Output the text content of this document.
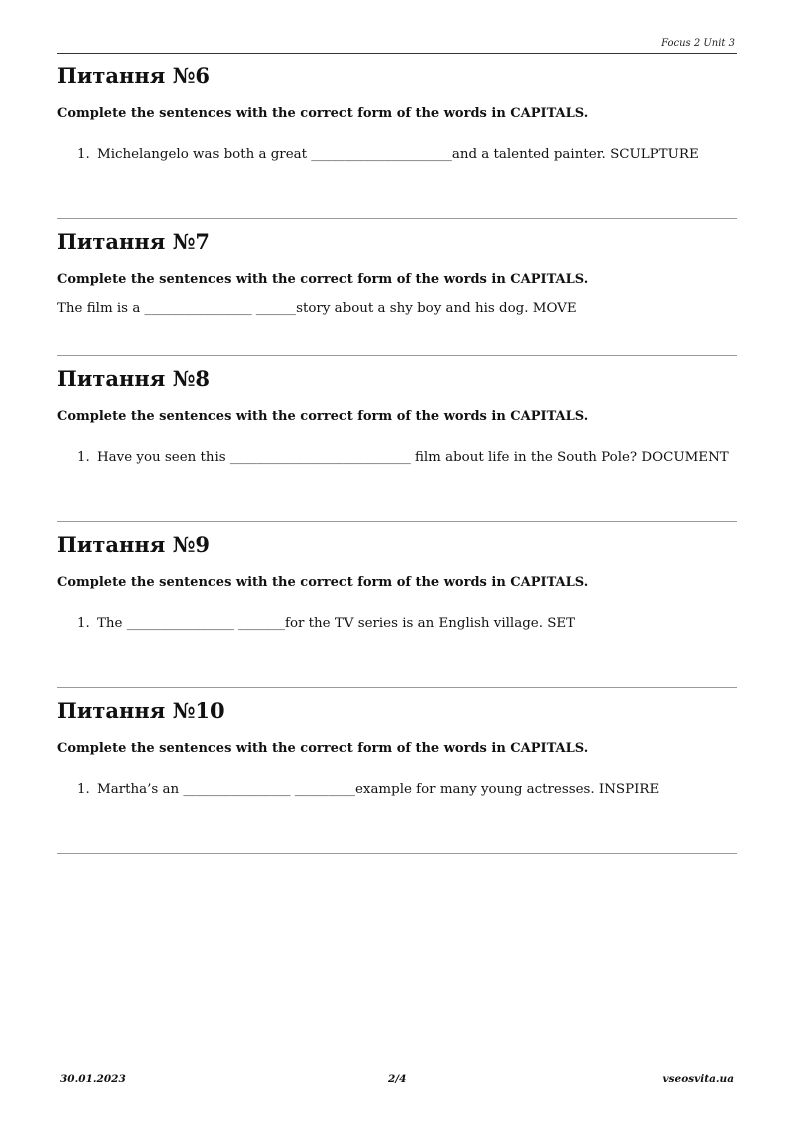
Focus 2 Unit 3
Питання №6
Complete the sentences with the correct form of the words in CAPITALS.
1. Michelangelo was both a great _____________________and a talented painter. SCULPTURE
Питання №7
Complete the sentences with the correct form of the words in CAPITALS.
The film is a ________________ ______story about a shy boy and his dog. MOVE
Питання №8
Complete the sentences with the correct form of the words in CAPITALS.
1. Have you seen this ___________________________ film about life in the South Pole? DOCUMENT
Питання №9
Complete the sentences with the correct form of the words in CAPITALS.
1. The ________________ _______for the TV series is an English village. SET
Питання №10
Complete the sentences with the correct form of the words in CAPITALS.
1. Martha’s an ________________ _________example for many young actresses. INSPIRE
30.01.2023	2/4	vseosvita.ua
